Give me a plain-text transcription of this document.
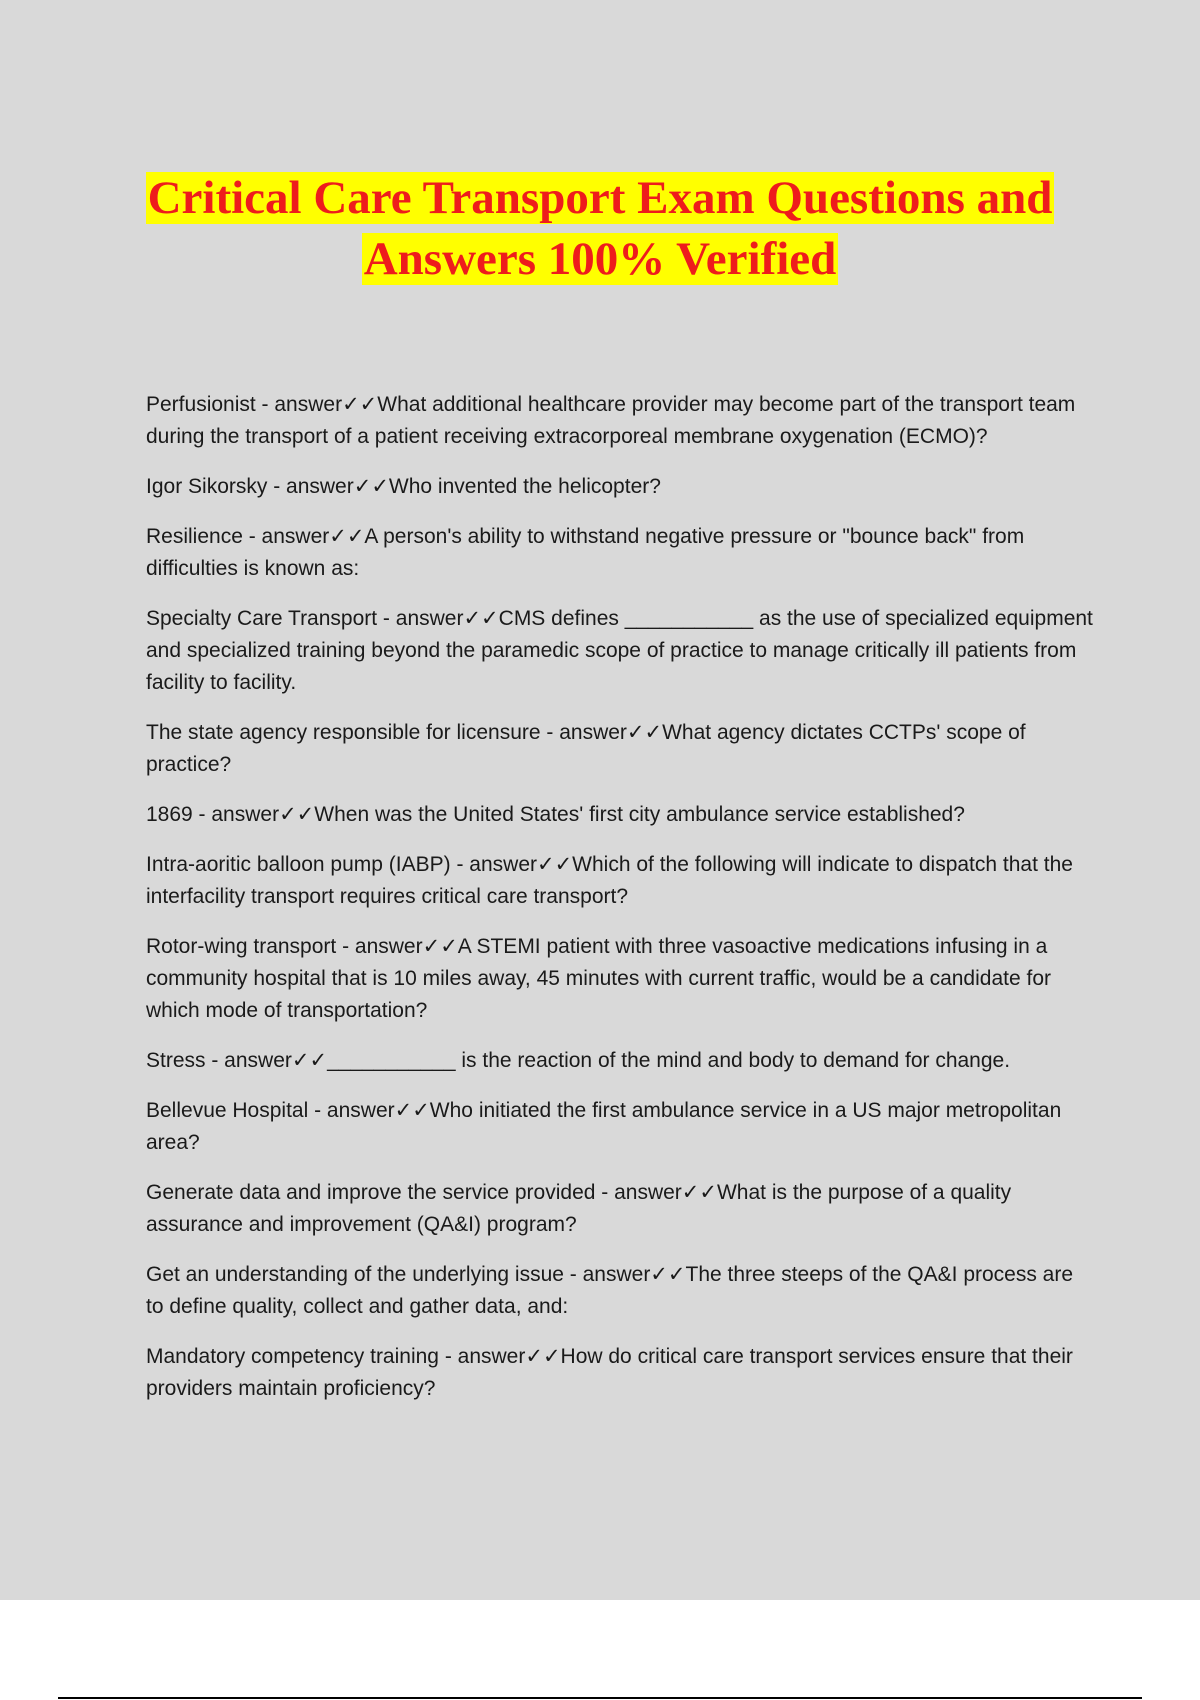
Critical Care Transport Exam Questions and
Answers 100% Verified
Perfusionist - answer✓✓What additional healthcare provider may become part of the transport team during the transport of a patient receiving extracorporeal membrane oxygenation (ECMO)?
Igor Sikorsky - answer✓✓Who invented the helicopter?
Resilience - answer✓✓A person's ability to withstand negative pressure or "bounce back" from difficulties is known as:
Specialty Care Transport - answer✓✓CMS defines ___________ as the use of specialized equipment and specialized training beyond the paramedic scope of practice to manage critically ill patients from facility to facility.
The state agency responsible for licensure - answer✓✓What agency dictates CCTPs' scope of practice?
1869 - answer✓✓When was the United States' first city ambulance service established?
Intra-aoritic balloon pump (IABP) - answer✓✓Which of the following will indicate to dispatch that the interfacility transport requires critical care transport?
Rotor-wing transport - answer✓✓A STEMI patient with three vasoactive medications infusing in a community hospital that is 10 miles away, 45 minutes with current traffic, would be a candidate for which mode of transportation?
Stress - answer✓✓___________ is the reaction of the mind and body to demand for change.
Bellevue Hospital - answer✓✓Who initiated the first ambulance service in a US major metropolitan area?
Generate data and improve the service provided - answer✓✓What is the purpose of a quality assurance and improvement (QA&I) program?
Get an understanding of the underlying issue - answer✓✓The three steeps of the QA&I process are to define quality, collect and gather data, and:
Mandatory competency training - answer✓✓How do critical care transport services ensure that their providers maintain proficiency?
